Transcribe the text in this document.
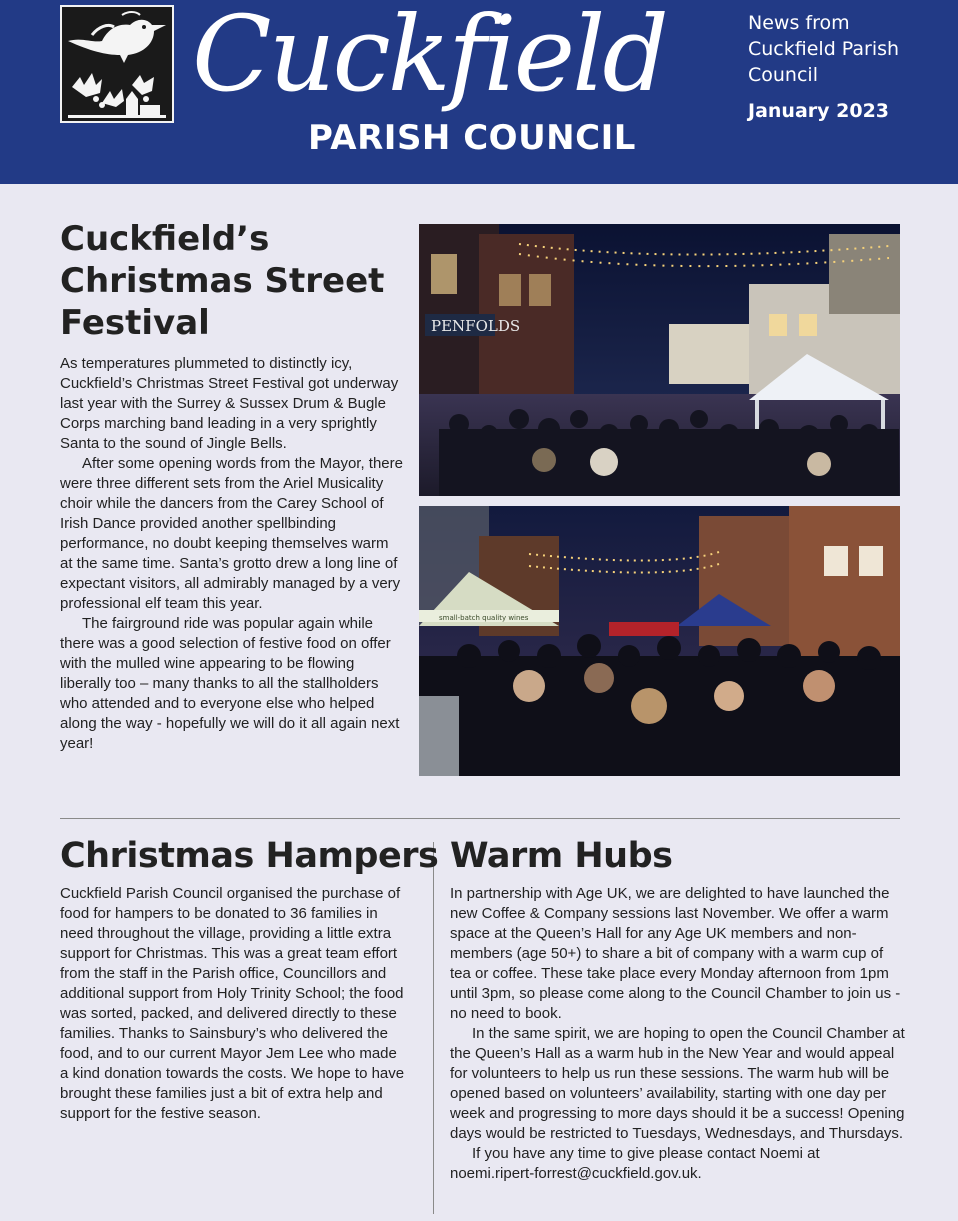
Cuckfield
PARISH COUNCIL

News from Cuckfield Parish Council

January 2023
Cuckfield’s Christmas Street Festival

As temperatures plummeted to distinctly icy, Cuckfield’s Christmas Street Festival got underway last year with the Surrey & Sussex Drum & Bugle Corps marching band leading in a very sprightly Santa to the sound of Jingle Bells.

After some opening words from the Mayor, there were three different sets from the Ariel Musicality choir while the dancers from the Carey School of Irish Dance provided another spellbinding performance, no doubt keeping themselves warm at the same time. Santa’s grotto drew a long line of expectant visitors, all admirably managed by a very professional elf team this year.

The fairground ride was popular again while there was a good selection of festive food on offer with the mulled wine appearing to be flowing liberally too – many thanks to all the stallholders who attended and to everyone else who helped along the way - hopefully we will do it all again next year!

PENFOLDS
small-batch quality wines
Christmas Hampers

Cuckfield Parish Council organised the purchase of food for hampers to be donated to 36 families in need throughout the village, providing a little extra support for Christmas. This was a great team effort from the staff in the Parish office, Councillors and additional support from Holy Trinity School; the food was sorted, packed, and delivered directly to these families. Thanks to Sainsbury’s who delivered the food, and to our current Mayor Jem Lee who made a kind donation towards the costs. We hope to have brought these families just a bit of extra help and support for the festive season.

Warm Hubs

In partnership with Age UK, we are delighted to have launched the new Coffee & Company sessions last November. We offer a warm space at the Queen’s Hall for any Age UK members and non-members (age 50+) to share a bit of company with a warm cup of tea or coffee. These take place every Monday afternoon from 1pm until 3pm, so please come along to the Council Chamber to join us - no need to book.

In the same spirit, we are hoping to open the Council Chamber at the Queen’s Hall as a warm hub in the New Year and would appeal for volunteers to help us run these sessions. The warm hub will be opened based on volunteers’ availability, starting with one day per week and progressing to more days should it be a success! Opening days would be restricted to Tuesdays, Wednesdays, and Thursdays.

If you have any time to give please contact Noemi at noemi.ripert-forrest@cuckfield.gov.uk.
